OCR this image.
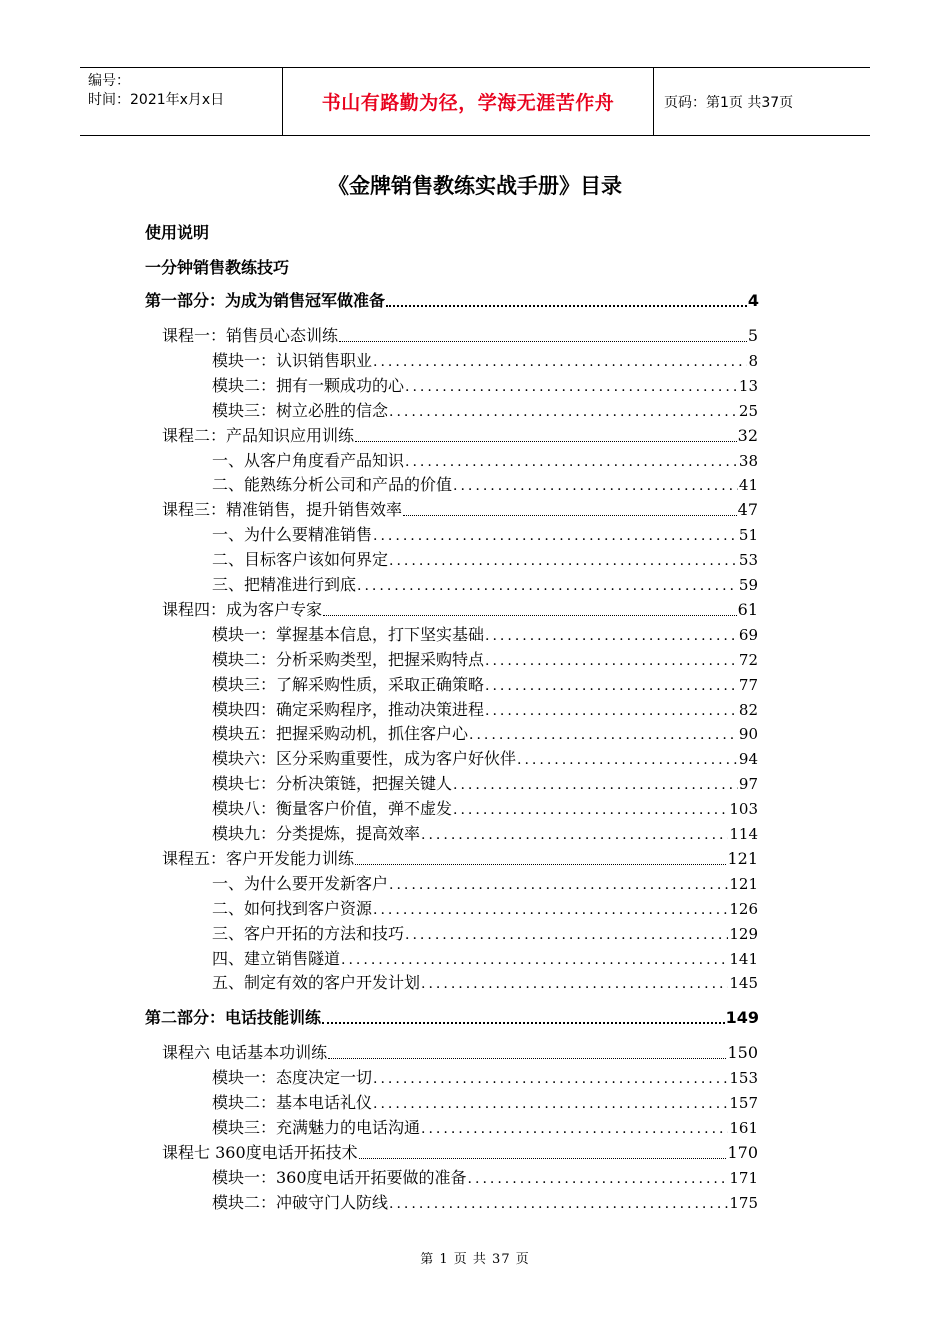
编号：
时间：2021年x月x日	书山有路勤为径，学海无涯苦作舟	页码：第1页 共37页
《金牌销售教练实战手册》目录
使用说明
一分钟销售教练技巧
第一部分：为成为销售冠军做准备	4
课程一：销售员心态训练	5
模块一：认识销售职业 .....	8
模块二：拥有一颗成功的心 .....	13
模块三：树立必胜的信念 .....	25
课程二：产品知识应用训练	32
一、从客户角度看产品知识 .....	38
二、能熟练分析公司和产品的价值 .....	41
课程三：精准销售，提升销售效率	47
一、为什么要精准销售 .....	51
二、目标客户该如何界定 .....	53
三、把精准进行到底 .....	59
课程四：成为客户专家	61
模块一：掌握基本信息，打下坚实基础 .....	69
模块二：分析采购类型，把握采购特点 .....	72
模块三：了解采购性质，采取正确策略 .....	77
模块四：确定采购程序，推动决策进程 .....	82
模块五：把握采购动机，抓住客户心 .....	90
模块六：区分采购重要性，成为客户好伙伴 .....	94
模块七：分析决策链，把握关键人 .....	97
模块八：衡量客户价值，弹不虚发 .....	103
模块九：分类提炼，提高效率 .....	114
课程五：客户开发能力训练	121
一、为什么要开发新客户 .....	121
二、如何找到客户资源 .....	126
三、客户开拓的方法和技巧 .....	129
四、建立销售隧道 .....	141
五、制定有效的客户开发计划 .....	145
第二部分：电话技能训练	149
课程六 电话基本功训练	150
模块一：态度决定一切 .....	153
模块二：基本电话礼仪 .....	157
模块三：充满魅力的电话沟通 .....	161
课程七 360度电话开拓技术	170
模块一：360度电话开拓要做的准备 .....	171
模块二：冲破守门人防线 .....	175
第 1 页 共 37 页
